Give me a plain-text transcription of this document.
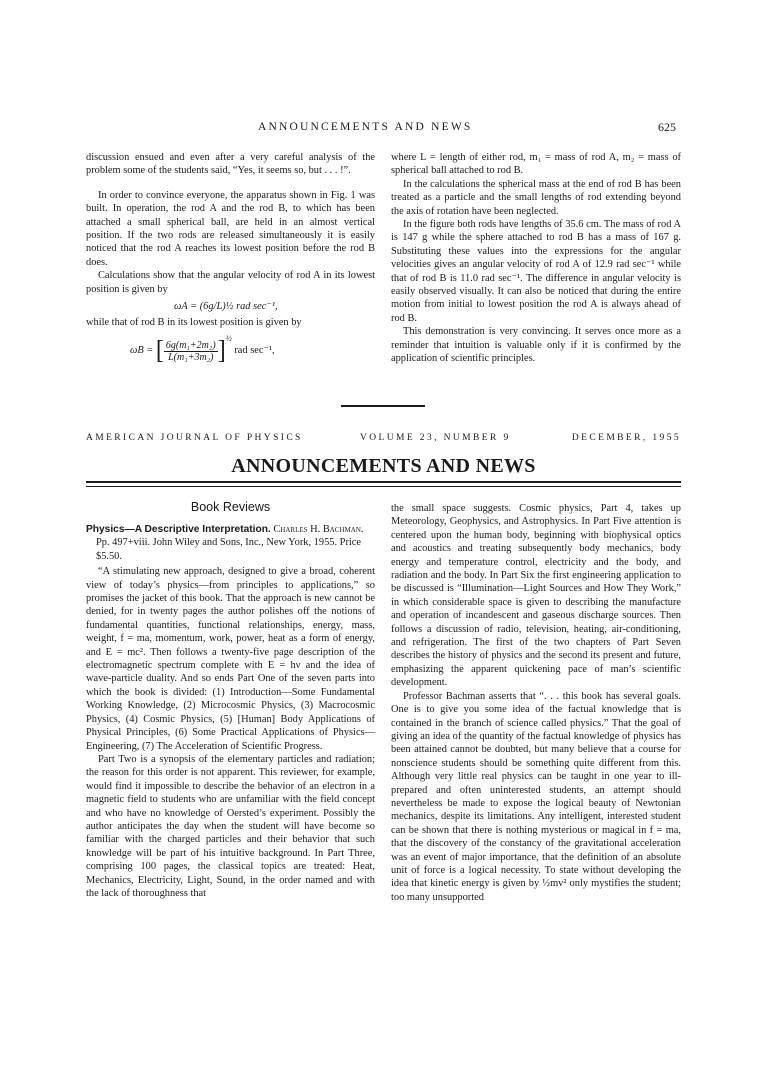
ANNOUNCEMENTS AND NEWS	625

discussion ensued and even after a very careful analysis of the problem some of the students said, “Yes, it seems so, but . . . !”.

In order to convince everyone, the apparatus shown in Fig. 1 was built. In operation, the rod A and the rod B, to which has been attached a small spherical ball, are held in an almost vertical position. If the two rods are released simultaneously it is easily noticed that the rod A reaches its lowest position before the rod B does.

Calculations show that the angular velocity of rod A in its lowest position is given by

ωA = (6g/L)½ rad sec⁻¹,

while that of rod B in its lowest position is given by

ωB = [ $\frac{\text{6g(m₁+2m₂)}}{\text{L(m₁+3m₂)}} ]^{\frac{1}{2}}$ rad sec⁻¹,

where L = length of either rod, m₁ = mass of rod A, m₂ = mass of spherical ball attached to rod B.

In the calculations the spherical mass at the end of rod B has been treated as a particle and the small lengths of rod extending beyond the axis of rotation have been neglected.

In the figure both rods have lengths of 35.6 cm. The mass of rod A is 147 g while the sphere attached to rod B has a mass of 167 g. Substituting these values into the expressions for the angular velocities gives an angular velocity of rod A of 12.9 rad sec⁻¹ while that of rod B is 11.0 rad sec⁻¹. The difference in angular velocity is easily observed visually. It can also be noticed that during the entire motion from initial to lowest position the rod A is always ahead of rod B.

This demonstration is very convincing. It serves once more as a reminder that intuition is valuable only if it is confirmed by the application of scientific principles.

AMERICAN JOURNAL OF PHYSICS	VOLUME 23, NUMBER 9	DECEMBER, 1955
ANNOUNCEMENTS AND NEWS
Book Reviews

Physics—A Descriptive Interpretation. Charles H. Bachman. Pp. 497+viii. John Wiley and Sons, Inc., New York, 1955. Price $5.50.

“A stimulating new approach, designed to give a broad, coherent view of today’s physics—from principles to applications,” so promises the jacket of this book. That the approach is new cannot be denied, for in twenty pages the author polishes off the notions of fundamental quantities, functional relationships, energy, mass, weight, f = ma, momentum, work, power, heat as a form of energy, and E = mc². Then follows a twenty-five page description of the electromagnetic spectrum complete with E = hν and the idea of wave-particle duality. And so ends Part One of the seven parts into which the book is divided: (1) Introduction—Some Fundamental Working Knowledge, (2) Microcosmic Physics, (3) Macrocosmic Physics, (4) Cosmic Physics, (5) [Human] Body Applications of Physical Principles, (6) Some Practical Applications of Physics—Engineering, (7) The Acceleration of Scientific Progress.

Part Two is a synopsis of the elementary particles and radiation; the reason for this order is not apparent. This reviewer, for example, would find it impossible to describe the behavior of an electron in a magnetic field to students who are unfamiliar with the field concept and who have no knowledge of Oersted’s experiment. Possibly the author anticipates the day when the student will have become so familiar with the charged particles and their behavior that such knowledge will be part of his intuitive background. In Part Three, comprising 100 pages, the classical topics are treated: Heat, Mechanics, Electricity, Light, Sound, in the order named and with the lack of thoroughness that

the small space suggests. Cosmic physics, Part 4, takes up Meteorology, Geophysics, and Astrophysics. In Part Five attention is centered upon the human body, beginning with biophysical optics and acoustics and treating subsequently body mechanics, body energy and temperature control, electricity and the body, and radiation and the body. In Part Six the first engineering application to be discussed is “Illumination—Light Sources and How They Work,” in which considerable space is given to describing the manufacture and operation of incandescent and gaseous discharge sources. Then follows a discussion of radio, television, heating, air-conditioning, and refrigeration. The first of the two chapters of Part Seven describes the history of physics and the second its present and future, emphasizing the apparent quickening pace of man’s scientific development.

Professor Bachman asserts that “. . . this book has several goals. One is to give you some idea of the factual knowledge that is contained in the branch of science called physics.” That the goal of giving an idea of the quantity of the factual knowledge of physics has been attained cannot be doubted, but many believe that a course for nonscience students should be something quite different from this. Although very little real physics can be taught in one year to ill-prepared and often uninterested students, an attempt should nevertheless be made to expose the logical beauty of Newtonian mechanics, despite its limitations. Any intelligent, interested student can be shown that there is nothing mysterious or magical in f = ma, that the discovery of the constancy of the gravitational acceleration was an event of major importance, that the definition of an absolute unit of force is a logical necessity. To state without developing the idea that kinetic energy is given by ½mv² only mystifies the student; too many unsupported
